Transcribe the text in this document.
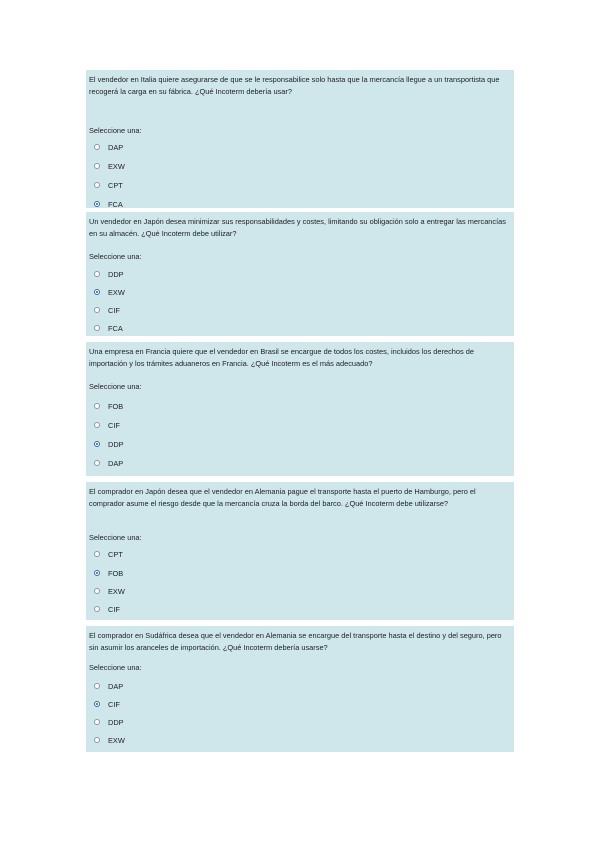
El vendedor en Italia quiere asegurarse de que se le responsabilice solo hasta que la mercancía llegue a un transportista que recogerá la carga en su fábrica. ¿Qué Incoterm debería usar?

Seleccione una:
DAP
EXW
CPT
FCA

Un vendedor en Japón desea minimizar sus responsabilidades y costes, limitando su obligación solo a entregar las mercancías en su almacén. ¿Qué Incoterm debe utilizar?

Seleccione una:
DDP
EXW
CIF
FCA

Una empresa en Francia quiere que el vendedor en Brasil se encargue de todos los costes, incluidos los derechos de importación y los trámites aduaneros en Francia. ¿Qué Incoterm es el más adecuado?

Seleccione una:
FOB
CIF
DDP
DAP

El comprador en Japón desea que el vendedor en Alemania pague el transporte hasta el puerto de Hamburgo, pero el comprador asume el riesgo desde que la mercancía cruza la borda del barco. ¿Qué Incoterm debe utilizarse?

Seleccione una:
CPT
FOB
EXW
CIF

El comprador en Sudáfrica desea que el vendedor en Alemania se encargue del transporte hasta el destino y del seguro, pero sin asumir los aranceles de importación. ¿Qué Incoterm debería usarse?

Seleccione una:
DAP
CIF
DDP
EXW
